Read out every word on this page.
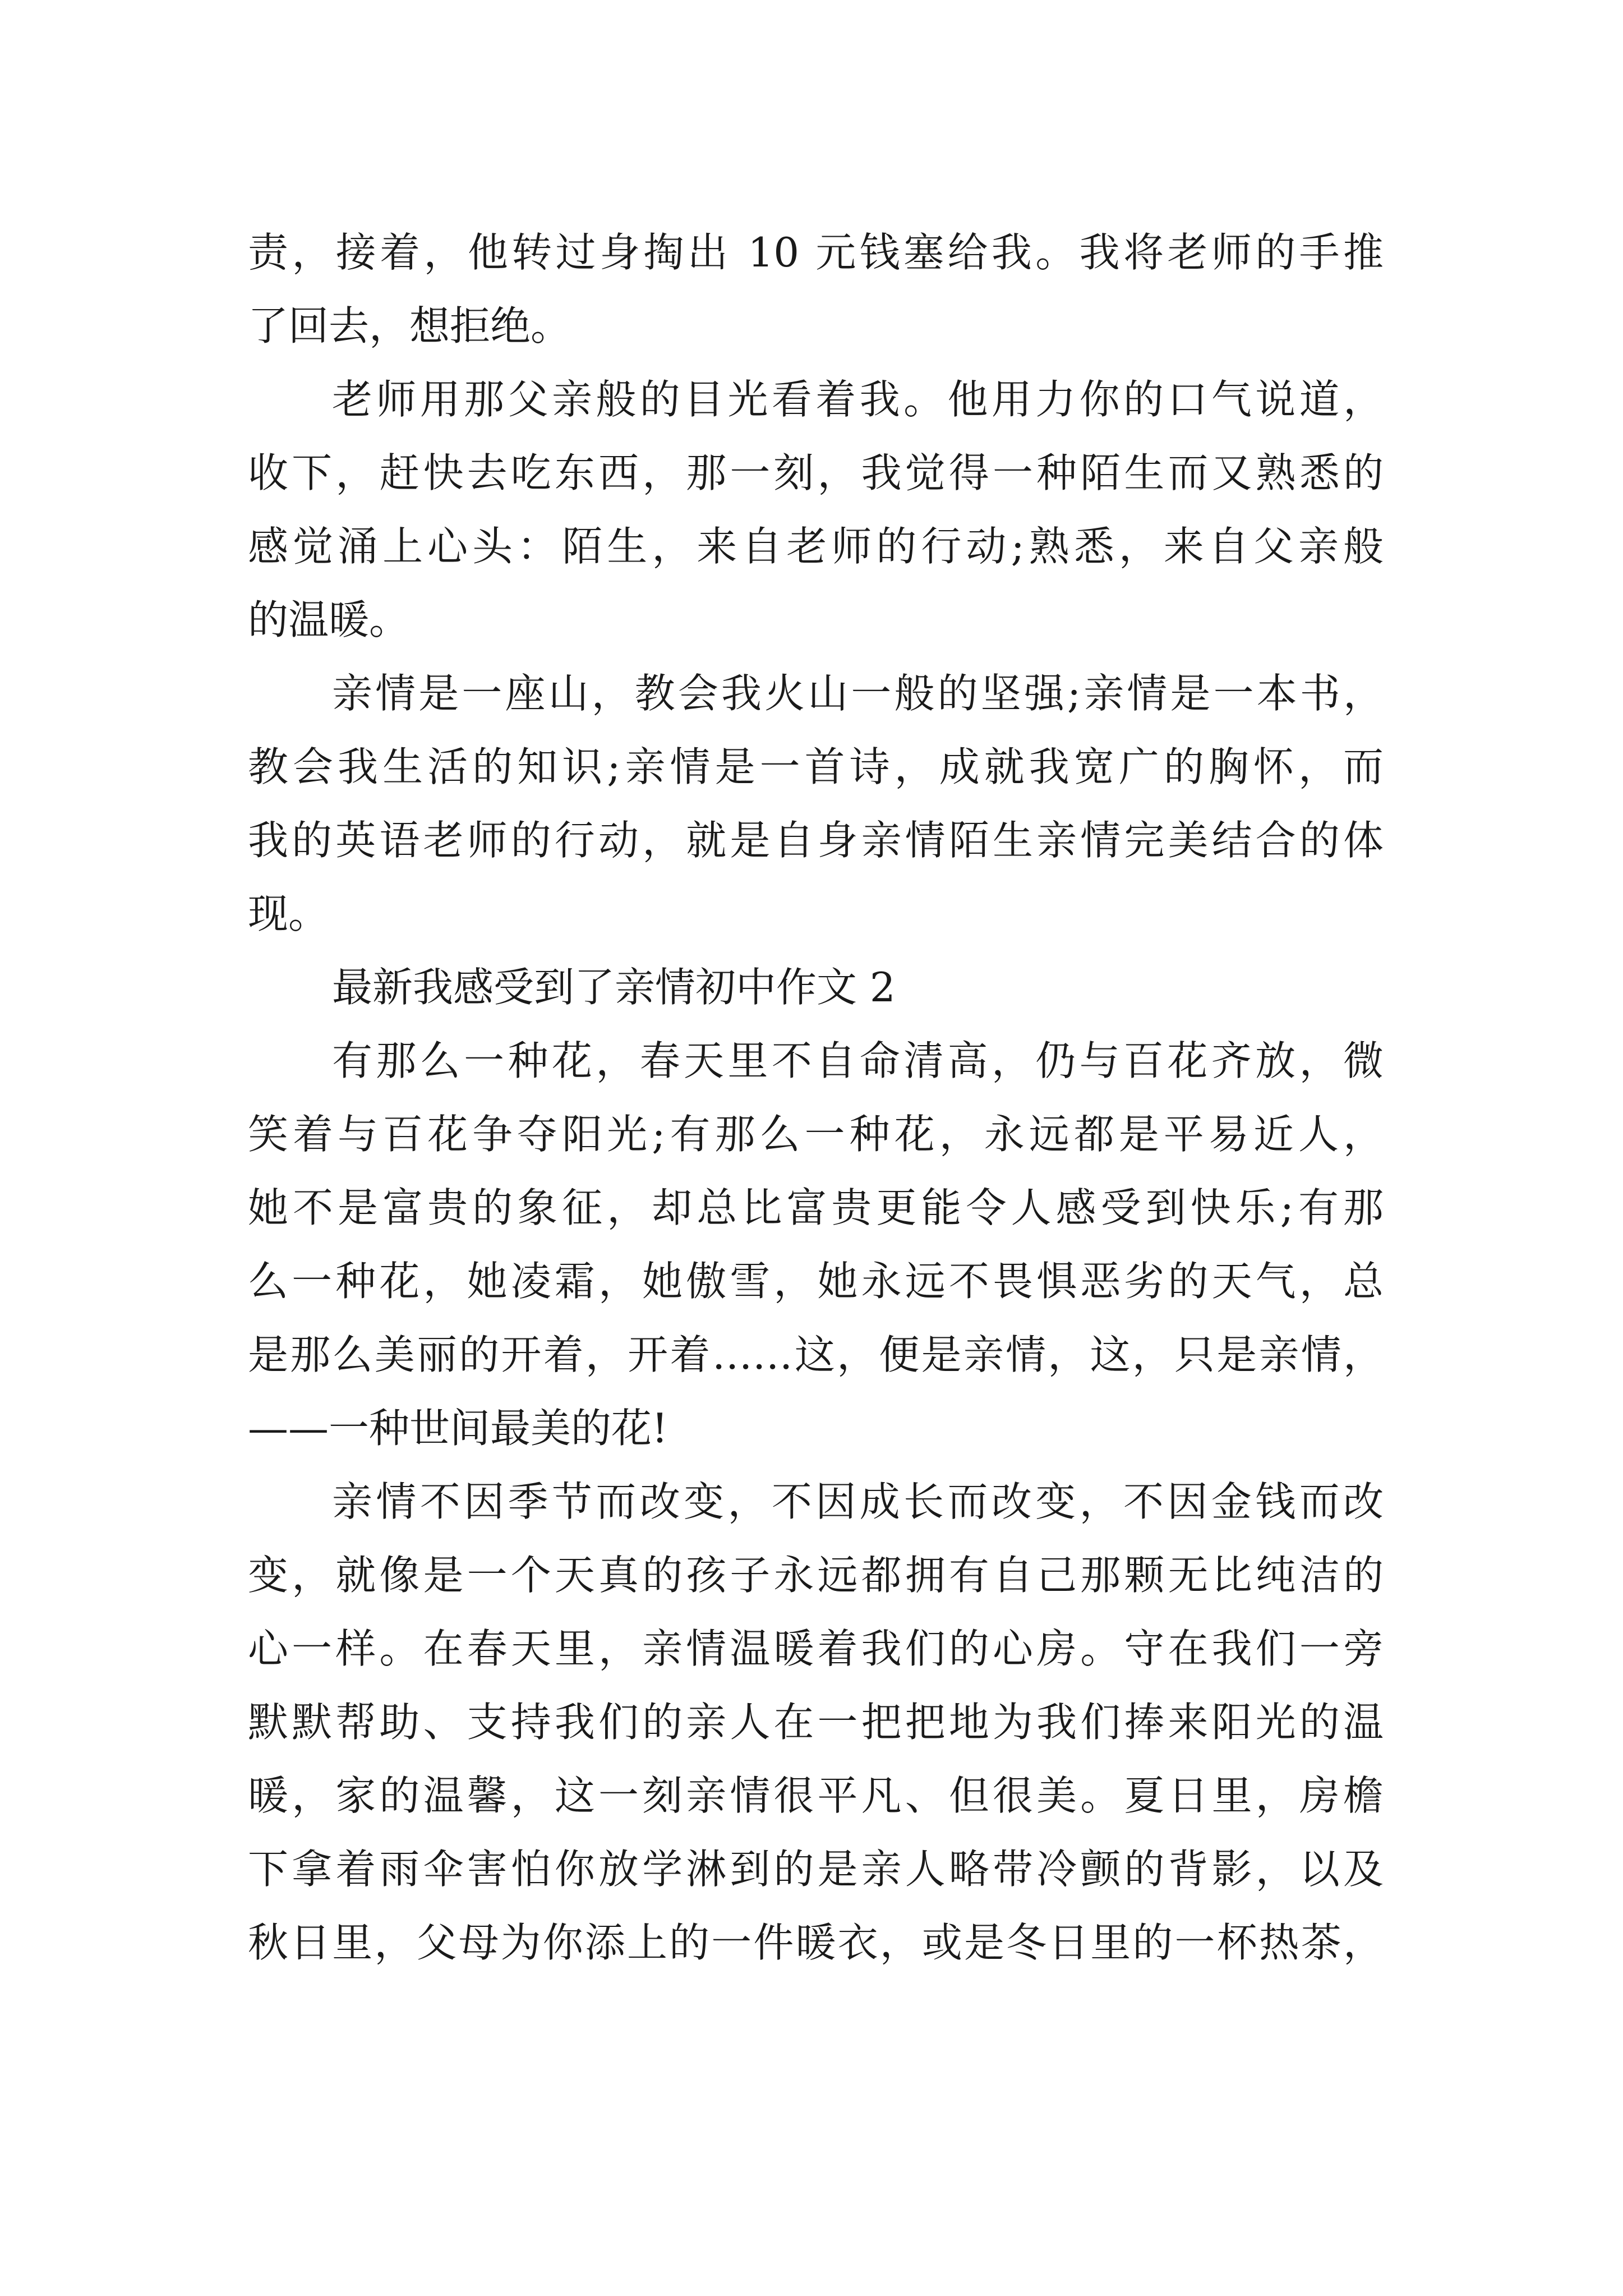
责，接着，他转过身掏出 10 元钱塞给我。我将老师的手推
了回去，想拒绝。
老师用那父亲般的目光看着我。他用力你的口气说道，
收下，赶快去吃东西，那一刻，我觉得一种陌生而又熟悉的
感觉涌上心头：陌生，来自老师的行动;熟悉，来自父亲般
的温暖。
亲情是一座山，教会我火山一般的坚强;亲情是一本书，
教会我生活的知识;亲情是一首诗，成就我宽广的胸怀，而
我的英语老师的行动，就是自身亲情陌生亲情完美结合的体
现。
最新我感受到了亲情初中作文 2
有那么一种花，春天里不自命清高，仍与百花齐放，微
笑着与百花争夺阳光;有那么一种花，永远都是平易近人，
她不是富贵的象征，却总比富贵更能令人感受到快乐;有那
么一种花，她凌霜，她傲雪，她永远不畏惧恶劣的天气，总
是那么美丽的开着，开着……这，便是亲情，这，只是亲情，
——一种世间最美的花!
亲情不因季节而改变，不因成长而改变，不因金钱而改
变，就像是一个天真的孩子永远都拥有自己那颗无比纯洁的
心一样。在春天里，亲情温暖着我们的心房。守在我们一旁
默默帮助、支持我们的亲人在一把把地为我们捧来阳光的温
暖，家的温馨，这一刻亲情很平凡、但很美。夏日里，房檐
下拿着雨伞害怕你放学淋到的是亲人略带冷颤的背影，以及
秋日里，父母为你添上的一件暖衣，或是冬日里的一杯热茶，
